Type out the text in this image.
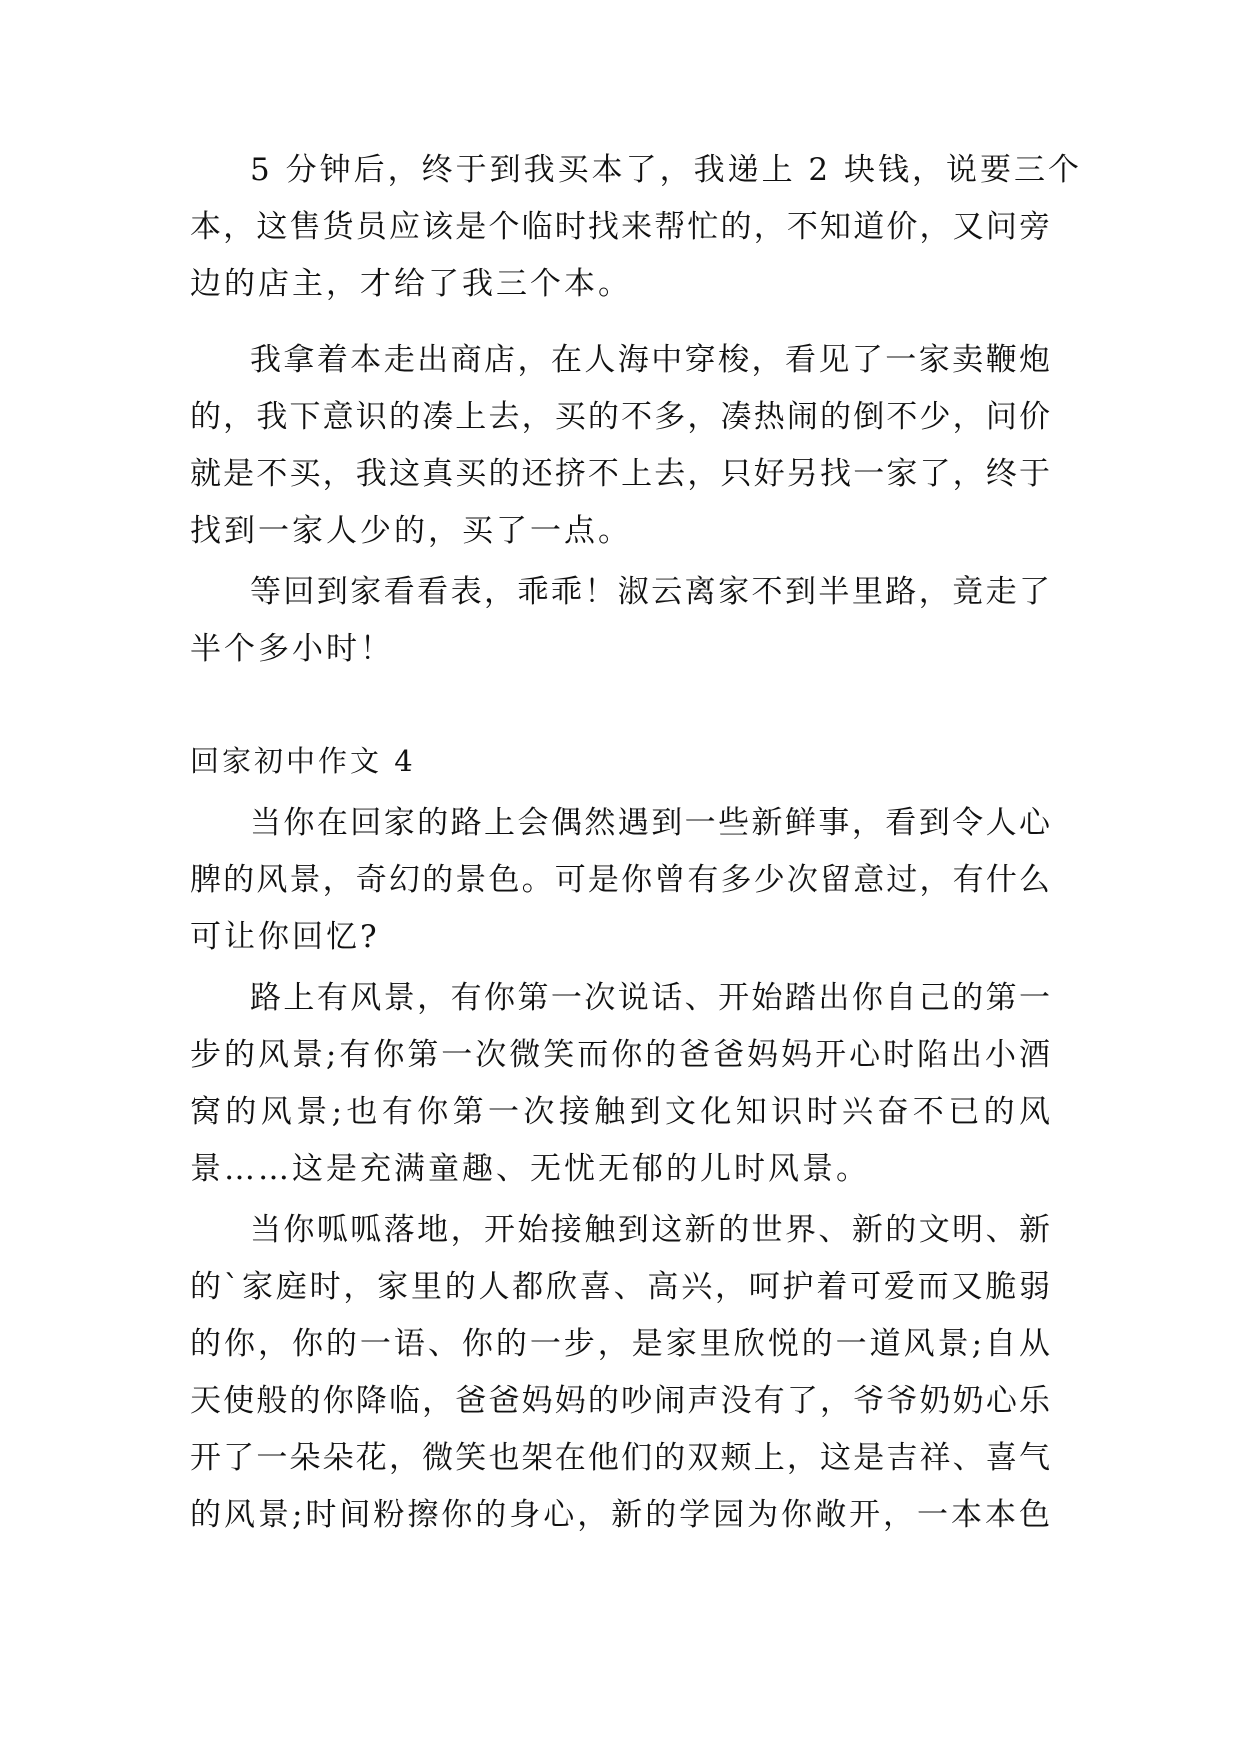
5 分钟后，终于到我买本了，我递上 2 块钱，说要三个
本，这售货员应该是个临时找来帮忙的，不知道价，又问旁
边的店主，才给了我三个本。
我拿着本走出商店，在人海中穿梭，看见了一家卖鞭炮
的，我下意识的凑上去，买的不多，凑热闹的倒不少，问价
就是不买，我这真买的还挤不上去，只好另找一家了，终于
找到一家人少的，买了一点。
等回到家看看表，乖乖！淑云离家不到半里路，竟走了
半个多小时！
回家初中作文 4
当你在回家的路上会偶然遇到一些新鲜事，看到令人心
脾的风景，奇幻的景色。可是你曾有多少次留意过，有什么
可让你回忆?
路上有风景，有你第一次说话、开始踏出你自己的第一
步的风景;有你第一次微笑而你的爸爸妈妈开心时陷出小酒
窝的风景;也有你第一次接触到文化知识时兴奋不已的风
景……这是充满童趣、无忧无郁的儿时风景。
当你呱呱落地，开始接触到这新的世界、新的文明、新
的`家庭时，家里的人都欣喜、高兴，呵护着可爱而又脆弱
的你，你的一语、你的一步，是家里欣悦的一道风景;自从
天使般的你降临，爸爸妈妈的吵闹声没有了，爷爷奶奶心乐
开了一朵朵花，微笑也架在他们的双颊上，这是吉祥、喜气
的风景;时间粉擦你的身心，新的学园为你敞开，一本本色
